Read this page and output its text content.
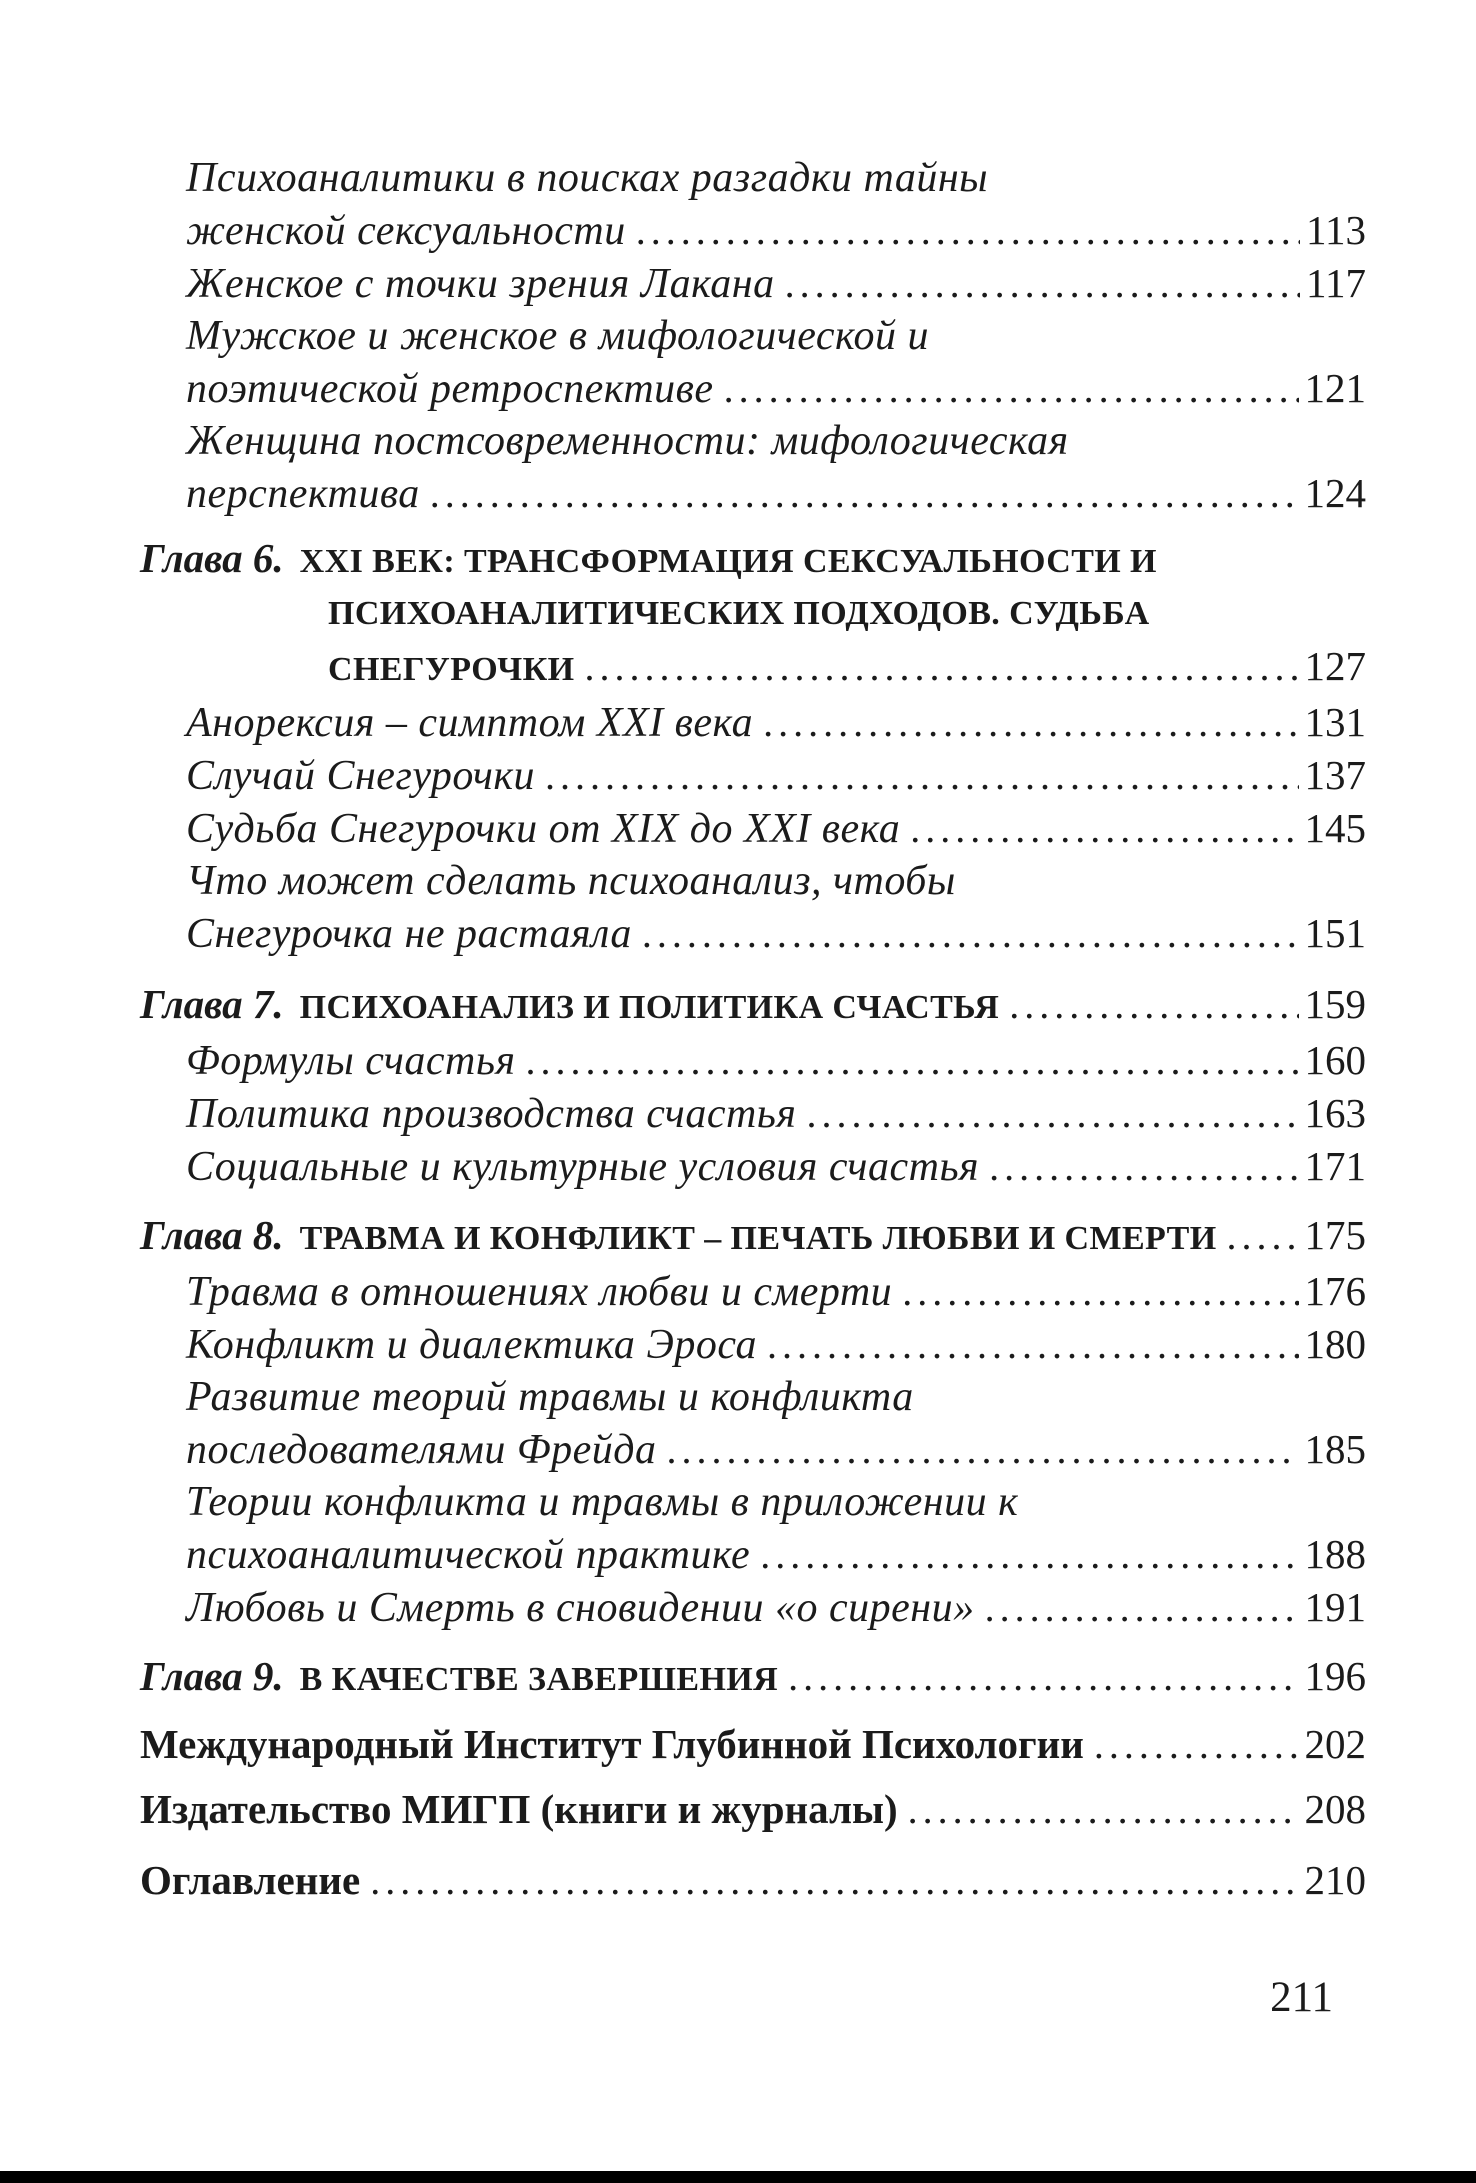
Психоаналитики в поисках разгадки тайны
женской сексуальности .....	113
Женское с точки зрения Лакана .....	117
Мужское и женское в мифологической и
поэтической ретроспективе .....	121
Женщина постсовременности: мифологическая
перспектива .....	124
Глава 6. XXI ВЕК: ТРАНСФОРМАЦИЯ СЕКСУАЛЬНОСТИ И
ПСИХОАНАЛИТИЧЕСКИХ ПОДХОДОВ. СУДЬБА
СНЕГУРОЧКИ .....	127
Анорексия – симптом XXI века .....	131
Случай Снегурочки .....	137
Судьба Снегурочки от XIX до XXI века .....	145
Что может сделать психоанализ, чтобы
Снегурочка не растаяла .....	151
Глава 7. ПСИХОАНАЛИЗ И ПОЛИТИКА СЧАСТЬЯ .....	159
Формулы счастья .....	160
Политика производства счастья .....	163
Социальные и культурные условия счастья .....	171
Глава 8. ТРАВМА И КОНФЛИКТ – ПЕЧАТЬ ЛЮБВИ И СМЕРТИ ..... 175
Травма в отношениях любви и смерти .....	176
Конфликт и диалектика Эроса .....	180
Развитие теорий травмы и конфликта
последователями Фрейда .....	185
Теории конфликта и травмы в приложении к
психоаналитической практике .....	188
Любовь и Смерть в сновидении «о сирени» .....	191
Глава 9. В КАЧЕСТВЕ ЗАВЕРШЕНИЯ .....	196
Международный Институт Глубинной Психологии .....	202
Издательство МИГП (книги и журналы) .....	208
Оглавление .....	210
211
